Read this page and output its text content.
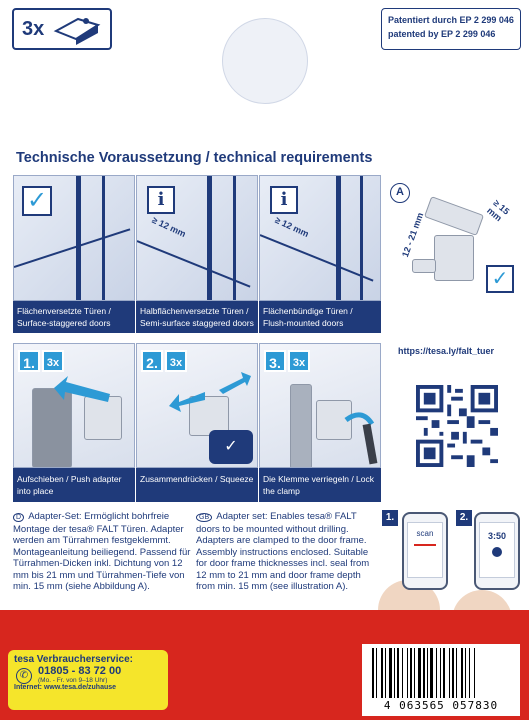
3x	Patentiert durch EP 2 299 046
patented by EP 2 299 046
Technische Voraussetzung / technical requirements
✓
Flächenversetzte Türen / Surface-staggered doors
i
≥ 12 mm
Halbflächenversetzte Türen / Semi-surface staggered doors
i
≥ 12 mm
Flächenbündige Türen / Flush-mounted doors
A
12 - 21 mm
≥ 15 mm
✓
1.	3x
Aufschieben / Push adapter into place
✓
2.	3x
Zusammendrücken / Squeeze
3.	3x
Die Klemme verriegeln / Lock the clamp
https://tesa.ly/falt_tuer
scan	3:50
1.	2.
D Adapter-Set: Ermöglicht bohrfreie Montage der tesa® FALT Türen. Adapter werden am Türrahmen festgeklemmt. Montageanleitung beiliegend. Passend für Türrahmen-Dicken inkl. Dichtung von 12 mm bis 21 mm und Türrahmen-Tiefe von min. 15 mm (siehe Abbildung A).
GB Adapter set: Enables tesa® FALT doors to be mounted without drilling. Adapters are clamped to the door frame. Assembly instructions enclosed. Suitable for door frame thicknesses incl. seal from 12 mm to 21 mm and door frame depth from min. 15 mm (see illustration A).
tesa Verbraucherservice:
✆ 01805 - 83 72 00
(Mo. - Fr. von 9–18 Uhr)
Internet: www.tesa.de/zuhause
4 063565 057830
